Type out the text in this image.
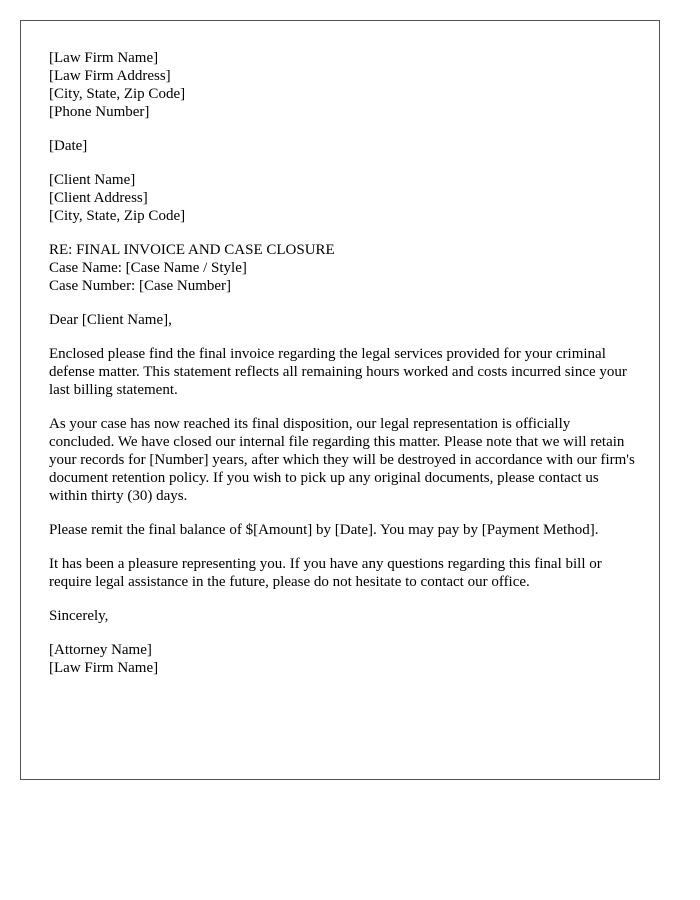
[Law Firm Name]
[Law Firm Address]
[City, State, Zip Code]
[Phone Number]
[Date]
[Client Name]
[Client Address]
[City, State, Zip Code]
RE: FINAL INVOICE AND CASE CLOSURE
Case Name: [Case Name / Style]
Case Number: [Case Number]

Dear [Client Name],

Enclosed please find the final invoice regarding the legal services provided for your criminal defense matter. This statement reflects all remaining hours worked and costs incurred since your last billing statement.

As your case has now reached its final disposition, our legal representation is officially concluded. We have closed our internal file regarding this matter. Please note that we will retain your records for [Number] years, after which they will be destroyed in accordance with our firm's document retention policy. If you wish to pick up any original documents, please contact us within thirty (30) days.

Please remit the final balance of $[Amount] by [Date]. You may pay by [Payment Method].

It has been a pleasure representing you. If you have any questions regarding this final bill or require legal assistance in the future, please do not hesitate to contact our office.

Sincerely,

[Attorney Name]
[Law Firm Name]
